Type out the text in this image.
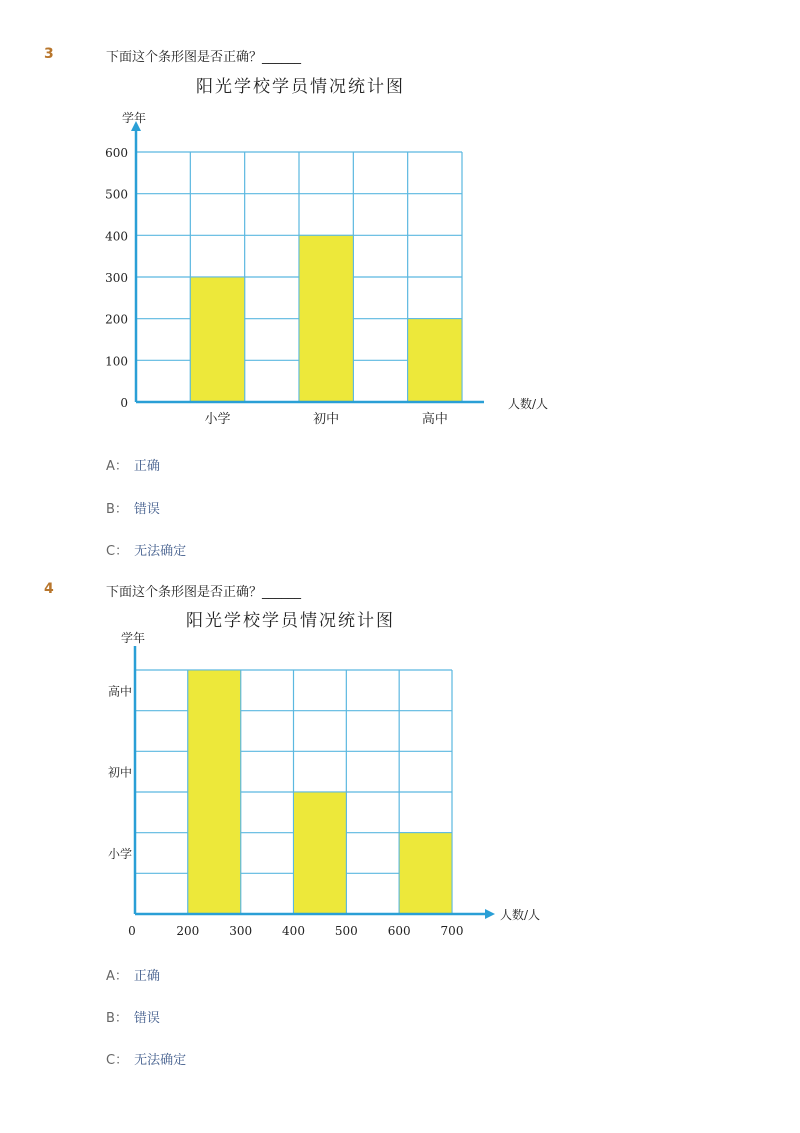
3	下面这个条形图是否正确？______
阳光学校学员情况统计图
小学	初中	高中
0
100
200
300
400
500
600
学年
人数/人
A： 正确
B： 错误
C： 无法确定
4	下面这个条形图是否正确？______
阳光学校学员情况统计图
小学
初中
高中
0	200 300 400 500 600 700
学年
人数/人
A： 正确
B： 错误
C： 无法确定
